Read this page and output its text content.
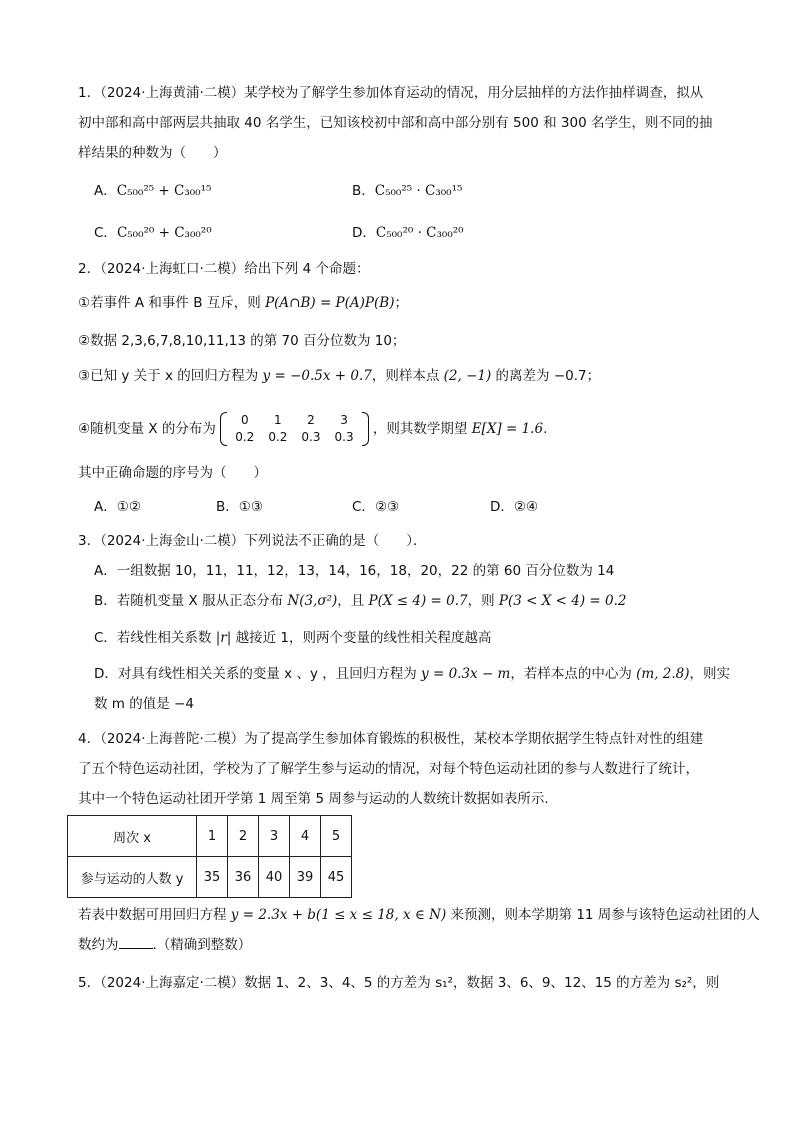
1．（2024·上海黄浦·二模）某学校为了解学生参加体育运动的情况，用分层抽样的方法作抽样调查，拟从
初中部和高中部两层共抽取 40 名学生，已知该校初中部和高中部分别有 500 和 300 名学生，则不同的抽
样结果的种数为（　　）
A．C₅₀₀²⁵ + C₃₀₀¹⁵	B．C₅₀₀²⁵ · C₃₀₀¹⁵
C．C₅₀₀²⁰ + C₃₀₀²⁰	D．C₅₀₀²⁰ · C₃₀₀²⁰
2．（2024·上海虹口·二模）给出下列 4 个命题：
①若事件 A 和事件 B 互斥，则 P(A∩B) = P(A)P(B)；
②数据 2,3,6,7,8,10,11,13 的第 70 百分位数为 10；
③已知 y 关于 x 的回归方程为 y = −0.5x + 0.7，则样本点 (2, −1) 的离差为 −0.7；
④随机变量 X 的分布为
0	1	2	3
0.2	0.2	0.3	0.3 ，则其数学期望 E[X] = 1.6.
其中正确命题的序号为（　　）
A．①②	B．①③	C．②③	D．②④
3．（2024·上海金山·二模）下列说法不正确的是（　　）．
A．一组数据 10，11，11，12，13，14，16，18，20，22 的第 60 百分位数为 14
B．若随机变量 X 服从正态分布 N(3,σ²)，且 P(X ≤ 4) = 0.7，则 P(3 < X < 4) = 0.2
C．若线性相关系数 |r| 越接近 1，则两个变量的线性相关程度越高
D．对具有线性相关关系的变量 x 、y ，且回归方程为 y = 0.3x − m，若样本点的中心为 (m, 2.8)，则实
数 m 的值是 −4
4．（2024·上海普陀·二模）为了提高学生参加体育锻炼的积极性，某校本学期依据学生特点针对性的组建
了五个特色运动社团，学校为了了解学生参与运动的情况，对每个特色运动社团的参与人数进行了统计，
其中一个特色运动社团开学第 1 周至第 5 周参与运动的人数统计数据如表所示.
周次 x	1	2	3	4	5
参与运动的人数 y	35	36	40	39	45
若表中数据可用回归方程 y = 2.3x + b(1 ≤ x ≤ 18, x ∈ N) 来预测，则本学期第 11 周参与该特色运动社团的人
数约为	.（精确到整数）
5．（2024·上海嘉定·二模）数据 1、2、3、4、5 的方差为 s₁²，数据 3、6、9、12、15 的方差为 s₂²，则
